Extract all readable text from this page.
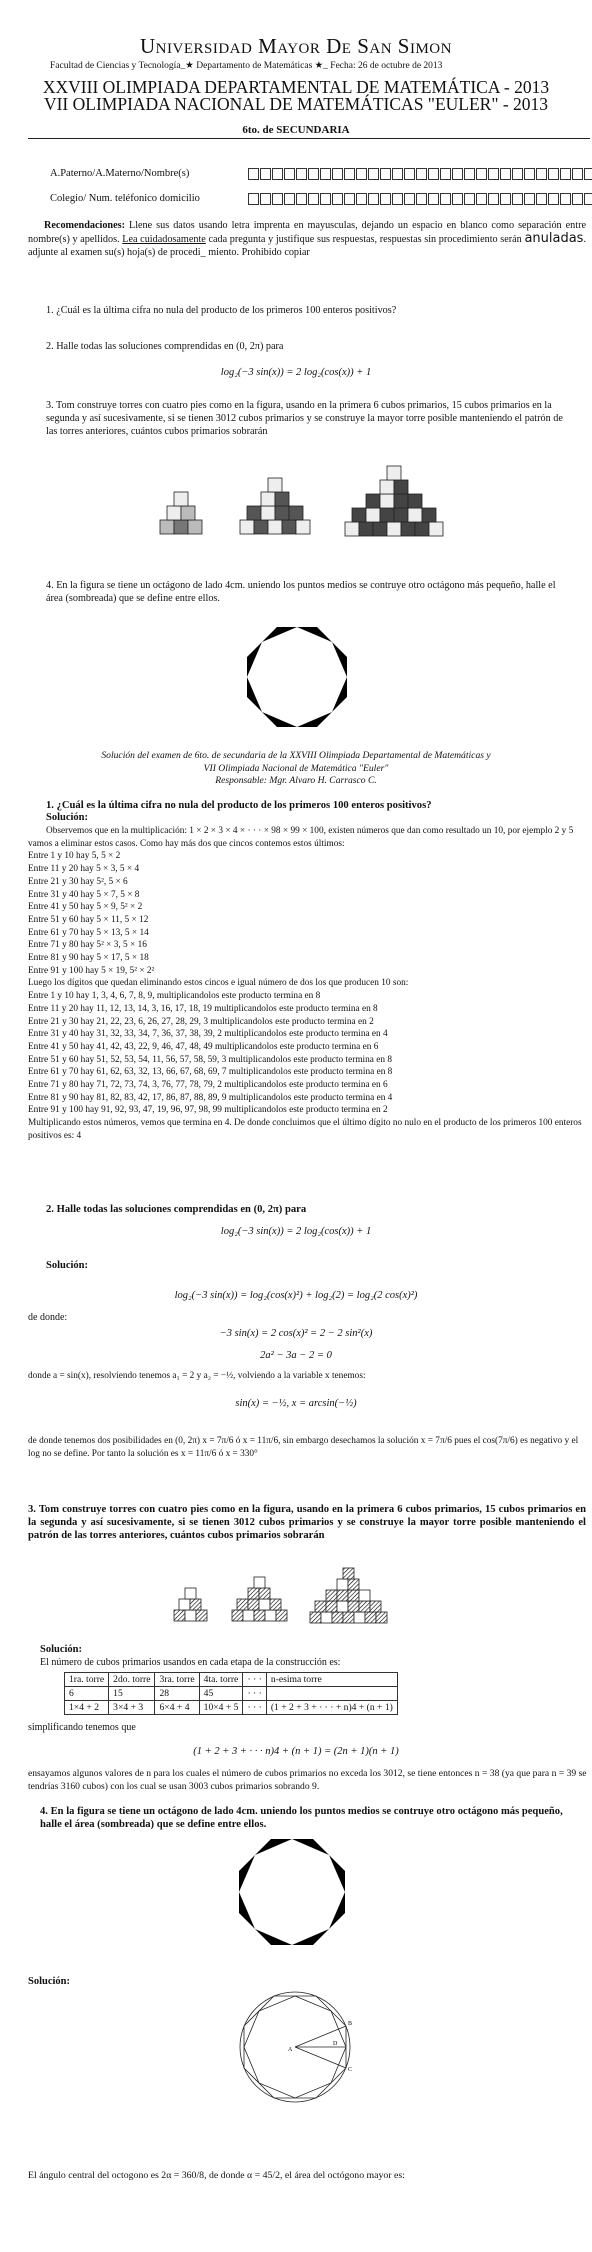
Universidad Mayor De San Simon
Facultad de Ciencias y Tecnología_★ Departamento de Matemáticas ★_ Fecha: 26 de octubre de 2013
XXVIII OLIMPIADA DEPARTAMENTAL DE MATEMÁTICA - 2013
VII OLIMPIADA NACIONAL DE MATEMÁTICAS "EULER" - 2013
6to. de SECUNDARIA
A.Paterno/A.Materno/Nombre(s)
Colegio/ Num. teléfonico domicilio
Recomendaciones: Llene sus datos usando letra imprenta en mayusculas, dejando un espacio en blanco como separación entre nombre(s) y apellidos. Lea cuidadosamente cada pregunta y justifique sus respuestas, respuestas sin procedimiento serán anuladas. adjunte al examen su(s) hoja(s) de procedi_ miento. Prohibido copiar
1. ¿Cuál es la última cifra no nula del producto de los primeros 100 enteros positivos?
2. Halle todas las soluciones comprendidas en (0, 2π) para
log₂(−3 sin(x)) = 2 log₂(cos(x)) + 1
3. Tom construye torres con cuatro pies como en la figura, usando en la primera 6 cubos primarios, 15 cubos primarios en la segunda y así sucesivamente, si se tienen 3012 cubos primarios y se construye la mayor torre posible manteniendo el patrón de las torres anteriores, cuántos cubos primarios sobrarán
4. En la figura se tiene un octágono de lado 4cm. uniendo los puntos medios se contruye otro octágono más pequeño, halle el área (sombreada) que se define entre ellos.
Solución del examen de 6to. de secundaria de la XXVIII Olimpiada Departamental de Matemáticas y
VII Olimpiada Nacional de Matemática "Euler"
Responsable: Mgr. Alvaro H. Carrasco C.
1. ¿Cuál es la última cifra no nula del producto de los primeros 100 enteros positivos?
Solución:
Observemos que en la multiplicación: 1 × 2 × 3 × 4 × · · · × 98 × 99 × 100, existen números que dan como resultado un 10, por ejemplo 2 y 5 vamos a eliminar estos casos. Como hay más dos que cincos contemos estos últimos:
Entre 1 y 10 hay 5, 5 × 2
Entre 11 y 20 hay 5 × 3, 5 × 4
Entre 21 y 30 hay 5², 5 × 6
Entre 31 y 40 hay 5 × 7, 5 × 8
Entre 41 y 50 hay 5 × 9, 5² × 2
Entre 51 y 60 hay 5 × 11, 5 × 12
Entre 61 y 70 hay 5 × 13, 5 × 14
Entre 71 y 80 hay 5² × 3, 5 × 16
Entre 81 y 90 hay 5 × 17, 5 × 18
Entre 91 y 100 hay 5 × 19, 5² × 2²
Luego los dígitos que quedan eliminando estos cincos e igual número de dos los que producen 10 son:
Entre 1 y 10 hay 1, 3, 4, 6, 7, 8, 9, multiplicandolos este producto termina en 8
Entre 11 y 20 hay 11, 12, 13, 14, 3, 16, 17, 18, 19 multiplicandolos este producto termina en 8
Entre 21 y 30 hay 21, 22, 23, 6, 26, 27, 28, 29, 3 multiplicandolos este producto termina en 2
Entre 31 y 40 hay 31, 32, 33, 34, 7, 36, 37, 38, 39, 2 multiplicandolos este producto termina en 4
Entre 41 y 50 hay 41, 42, 43, 22, 9, 46, 47, 48, 49 multiplicandolos este producto termina en 6
Entre 51 y 60 hay 51, 52, 53, 54, 11, 56, 57, 58, 59, 3 multiplicandolos este producto termina en 8
Entre 61 y 70 hay 61, 62, 63, 32, 13, 66, 67, 68, 69, 7 multiplicandolos este producto termina en 8
Entre 71 y 80 hay 71, 72, 73, 74, 3, 76, 77, 78, 79, 2 multiplicandolos este producto termina en 6
Entre 81 y 90 hay 81, 82, 83, 42, 17, 86, 87, 88, 89, 9 multiplicandolos este producto termina en 4
Entre 91 y 100 hay 91, 92, 93, 47, 19, 96, 97, 98, 99 multiplicandolos este producto termina en 2
Multiplicando estos números, vemos que termina en 4. De donde concluimos que el último dígito no nulo en el producto de los primeros 100 enteros positivos es: 4
2. Halle todas las soluciones comprendidas en (0, 2π) para
log₂(−3 sin(x)) = 2 log₂(cos(x)) + 1
Solución:
log₂(−3 sin(x)) = log₂(cos(x)²) + log₂(2) = log₂(2 cos(x)²)
de donde:
−3 sin(x) = 2 cos(x)² = 2 − 2 sin²(x)
2a² − 3a − 2 = 0
donde a = sin(x), resolviendo tenemos a₁ = 2 y a₂ = −½, volviendo a la variable x tenemos:
sin(x) = −½, x = arcsin(−½)
de donde tenemos dos posibilidades en (0, 2π) x = 7π/6 ó x = 11π/6, sin embargo desechamos la solución x = 7π/6 pues el cos(7π/6) es negativo y el log no se define. Por tanto la solución es x = 11π/6 ó x = 330°
3. Tom construye torres con cuatro pies como en la figura, usando en la primera 6 cubos primarios, 15 cubos primarios en la segunda y así sucesivamente, si se tienen 3012 cubos primarios y se construye la mayor torre posible manteniendo el patrón de las torres anteriores, cuántos cubos primarios sobrarán
Solución:
El número de cubos primarios usandos en cada etapa de la construcción es:
1ra. torre	2do. torre	3ra. torre	4ta. torre	· · ·	n-esima torre
6	15	28	45	· · ·	
1×4 + 2	3×4 + 3	6×4 + 4	10×4 + 5	· · ·	(1 + 2 + 3 + · · · + n)4 + (n + 1)
simplificando tenemos que
(1 + 2 + 3 + · · · n)4 + (n + 1) = (2n + 1)(n + 1)
ensayamos algunos valores de n para los cuales el número de cubos primarios no exceda los 3012, se tiene entonces n = 38 (ya que para n = 39 se tendrías 3160 cubos) con los cual se usan 3003 cubos primarios sobrando 9.
4. En la figura se tiene un octágono de lado 4cm. uniendo los puntos medios se contruye otro octágono más pequeño, halle el área (sombreada) que se define entre ellos.
Solución:
A
B
C
D
El ángulo central del octogono es 2α = 360/8, de donde α = 45/2, el área del octógono mayor es:
